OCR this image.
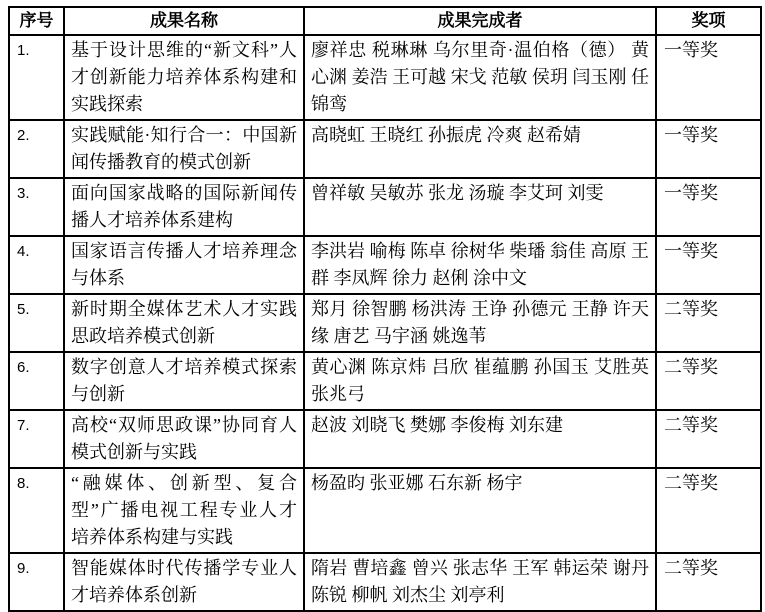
序号	成果名称	成果完成者	奖项
1.	基于设计思维的“新文科”人才创新能力培养体系构建和实践探索	廖祥忠 税琳琳 乌尔里奇·温伯格（德） 黄心渊 姜浩 王可越 宋戈 范敏 侯玥 闫玉刚 任锦鸾	一等奖
2.	实践赋能·知行合一：中国新闻传播教育的模式创新	高晓虹 王晓红 孙振虎 冷爽 赵希婧	一等奖
3.	面向国家战略的国际新闻传播人才培养体系建构	曾祥敏 吴敏苏 张龙 汤璇 李艾珂 刘雯	一等奖
4.	国家语言传播人才培养理念与体系	李洪岩 喻梅 陈卓 徐树华 柴璠 翁佳 高原 王群 李凤辉 徐力 赵俐 涂中文	一等奖
5.	新时期全媒体艺术人才实践思政培养模式创新	郑月 徐智鹏 杨洪涛 王诤 孙德元 王静 许天缘 唐艺 马宇涵 姚逸苇	二等奖
6.	数字创意人才培养模式探索与创新	黄心渊 陈京炜 吕欣 崔蕴鹏 孙国玉 艾胜英 张兆弓	二等奖
7.	高校“双师思政课”协同育人模式创新与实践	赵波 刘晓飞 樊娜 李俊梅 刘东建	二等奖
8.	“融媒体、创新型、复合型”广播电视工程专业人才 培养体系构建与实践	杨盈昀 张亚娜 石东新 杨宇	二等奖
9.	智能媒体时代传播学专业人才培养体系创新	隋岩 曹培鑫 曾兴 张志华 王军 韩运荣 谢丹 陈锐 柳帆 刘杰尘 刘亭利	二等奖
